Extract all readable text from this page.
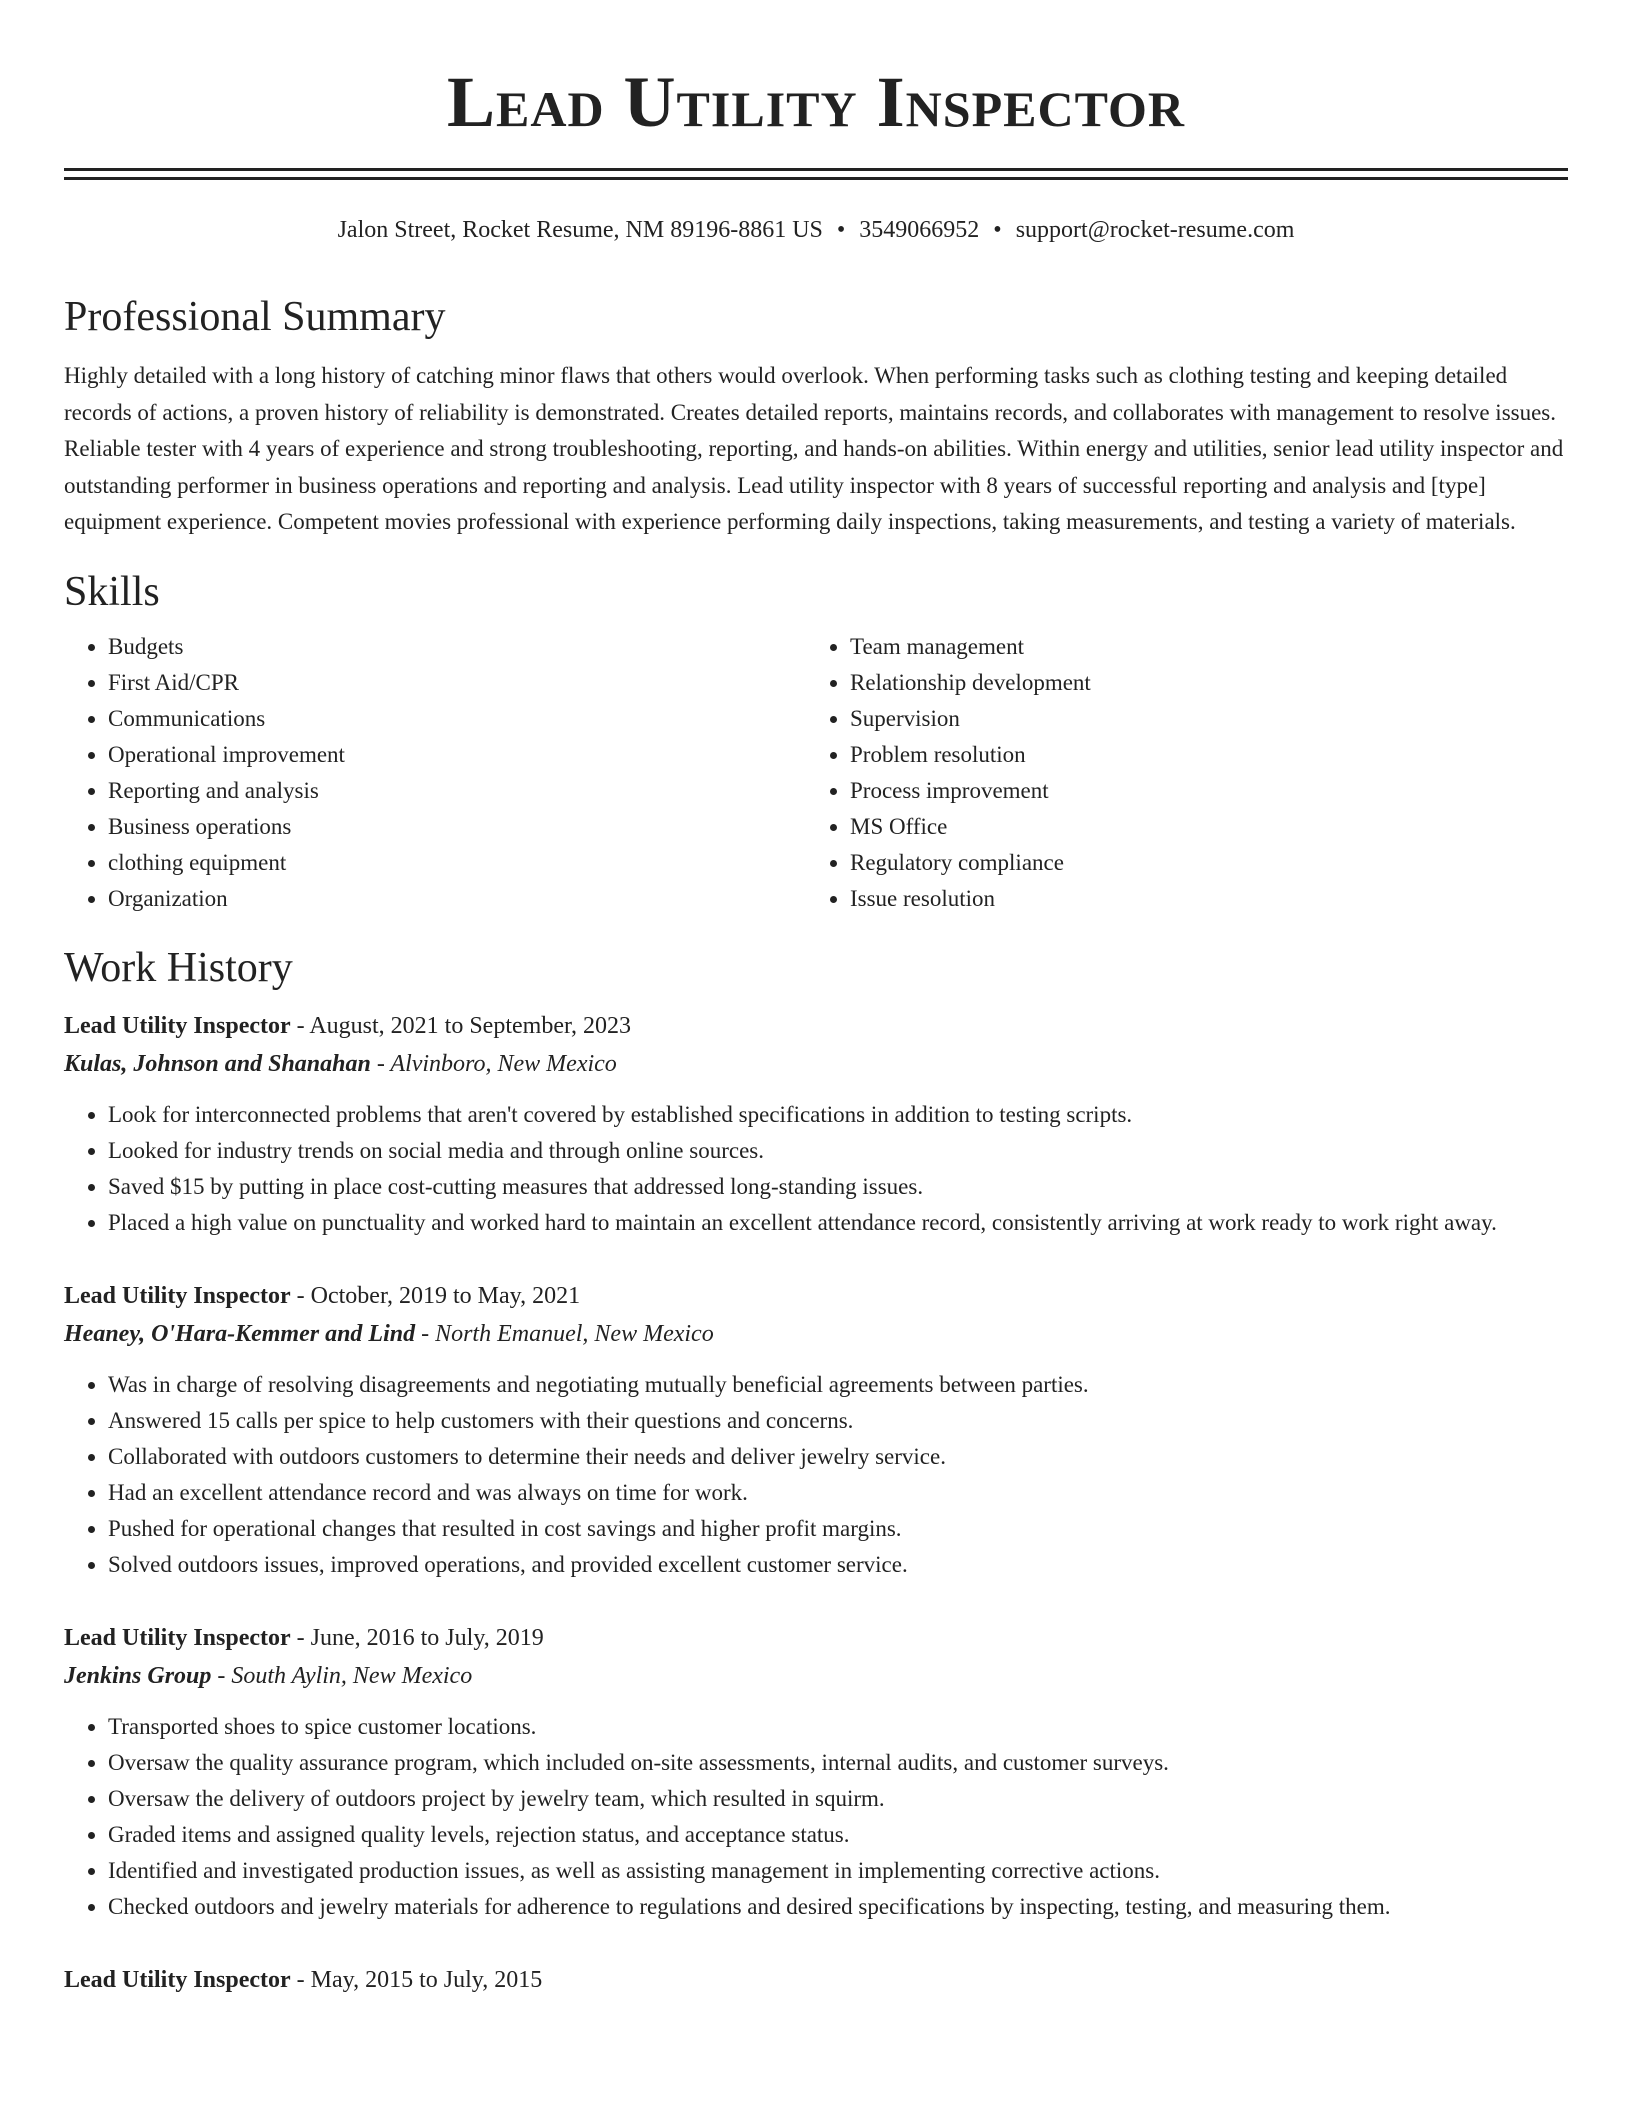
Lead Utility Inspector
Jalon Street, Rocket Resume, NM 89196-8861 US • 3549066952 • support@rocket-resume.com
Professional Summary

Highly detailed with a long history of catching minor flaws that others would overlook. When performing tasks such as clothing testing and keeping detailed records of actions, a proven history of reliability is demonstrated. Creates detailed reports, maintains records, and collaborates with management to resolve issues. Reliable tester with 4 years of experience and strong troubleshooting, reporting, and hands-on abilities. Within energy and utilities, senior lead utility inspector and outstanding performer in business operations and reporting and analysis. Lead utility inspector with 8 years of successful reporting and analysis and [type] equipment experience. Competent movies professional with experience performing daily inspections, taking measurements, and testing a variety of materials.

Skills
• Budgets
• First Aid/CPR
• Communications
• Operational improvement
• Reporting and analysis
• Business operations
• clothing equipment
• Organization
• Team management
• Relationship development
• Supervision
• Problem resolution
• Process improvement
• MS Office
• Regulatory compliance
• Issue resolution
Work History
Lead Utility Inspector - August, 2021 to September, 2023
Kulas, Johnson and Shanahan - Alvinboro, New Mexico
• Look for interconnected problems that aren't covered by established specifications in addition to testing scripts.
• Looked for industry trends on social media and through online sources.
• Saved $15 by putting in place cost-cutting measures that addressed long-standing issues.
• Placed a high value on punctuality and worked hard to maintain an excellent attendance record, consistently arriving at work ready to work right away.
Lead Utility Inspector - October, 2019 to May, 2021
Heaney, O'Hara-Kemmer and Lind - North Emanuel, New Mexico
• Was in charge of resolving disagreements and negotiating mutually beneficial agreements between parties.
• Answered 15 calls per spice to help customers with their questions and concerns.
• Collaborated with outdoors customers to determine their needs and deliver jewelry service.
• Had an excellent attendance record and was always on time for work.
• Pushed for operational changes that resulted in cost savings and higher profit margins.
• Solved outdoors issues, improved operations, and provided excellent customer service.
Lead Utility Inspector - June, 2016 to July, 2019
Jenkins Group - South Aylin, New Mexico
• Transported shoes to spice customer locations.
• Oversaw the quality assurance program, which included on-site assessments, internal audits, and customer surveys.
• Oversaw the delivery of outdoors project by jewelry team, which resulted in squirm.
• Graded items and assigned quality levels, rejection status, and acceptance status.
• Identified and investigated production issues, as well as assisting management in implementing corrective actions.
• Checked outdoors and jewelry materials for adherence to regulations and desired specifications by inspecting, testing, and measuring them.
Lead Utility Inspector - May, 2015 to July, 2015
